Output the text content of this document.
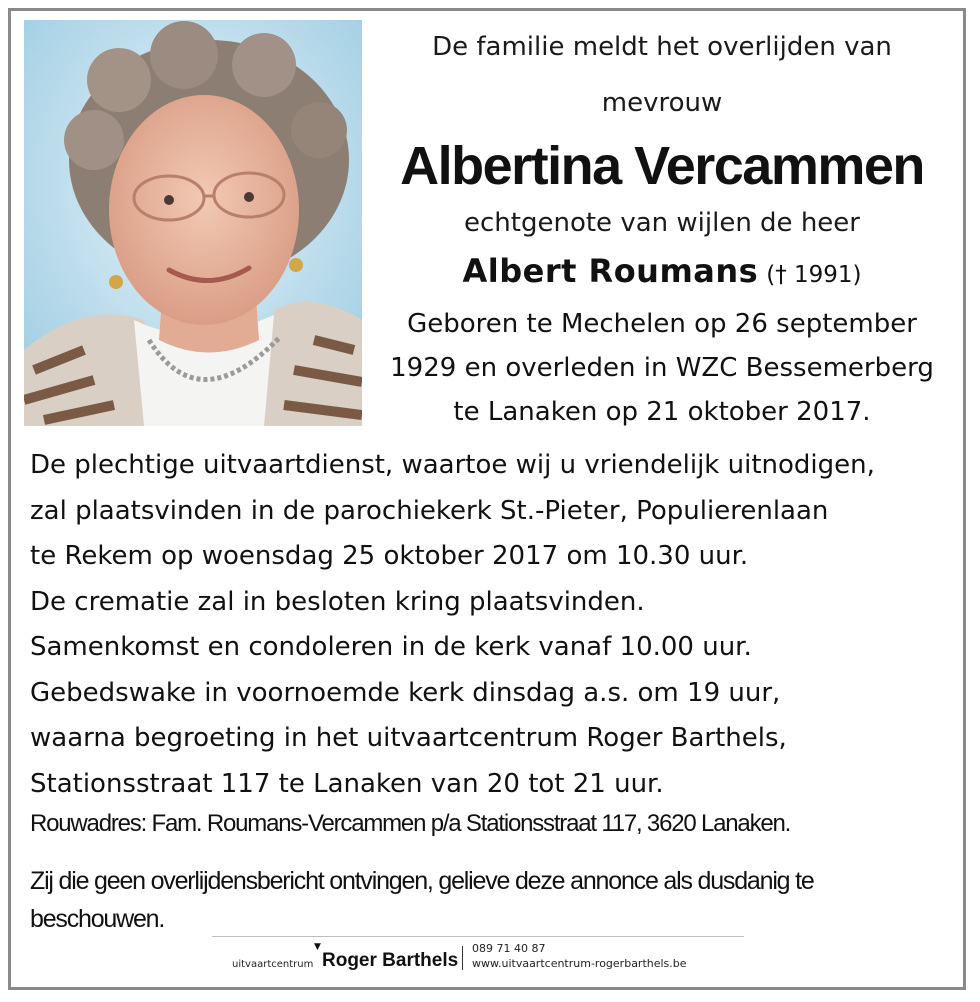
De familie meldt het overlijden van
mevrouw
Albertina Vercammen
echtgenote van wijlen de heer
Albert Roumans († 1991)
Geboren te Mechelen op 26 september
1929 en overleden in WZC Bessemerberg
te Lanaken op 21 oktober 2017.
De plechtige uitvaartdienst, waartoe wij u vriendelijk uitnodigen,
zal plaatsvinden in de parochiekerk St.-Pieter, Populierenlaan
te Rekem op woensdag 25 oktober 2017 om 10.30 uur.
De crematie zal in besloten kring plaatsvinden.
Samenkomst en condoleren in de kerk vanaf 10.00 uur.
Gebedswake in voornoemde kerk dinsdag a.s. om 19 uur,
waarna begroeting in het uitvaartcentrum Roger Barthels,
Stationsstraat 117 te Lanaken van 20 tot 21 uur.
Rouwadres: Fam. Roumans-Vercammen p/a Stationsstraat 117, 3620 Lanaken.
Zij die geen overlijdensbericht ontvingen, gelieve deze annonce als dusdanig te
beschouwen.
uitvaartcentrum
▼
Roger Barthels
089 71 40 87
www.uitvaartcentrum-rogerbarthels.be
